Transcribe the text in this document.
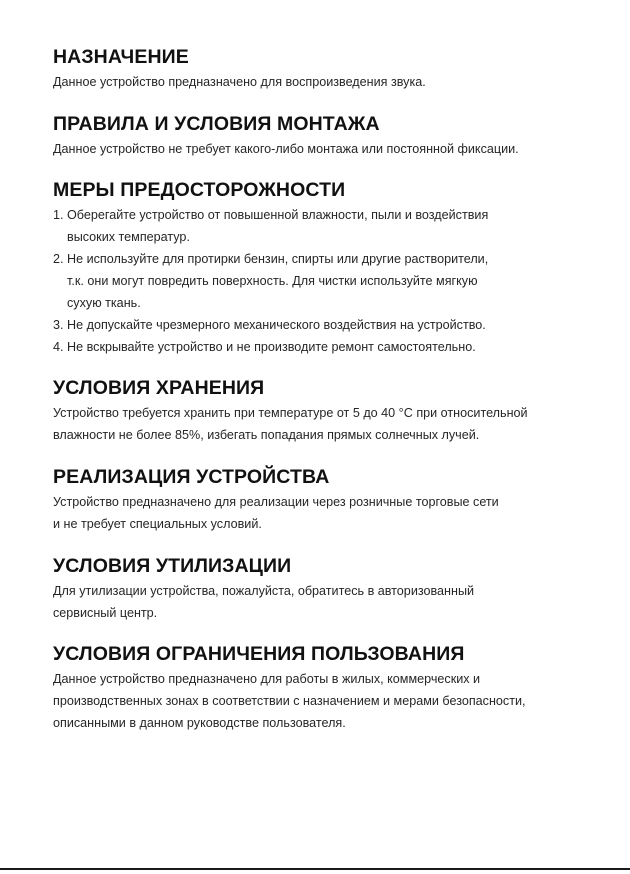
НАЗНАЧЕНИЕ

Данное устройство предназначено для воспроизведения звука.

ПРАВИЛА И УСЛОВИЯ МОНТАЖА

Данное устройство не требует какого-либо монтажа или постоянной фиксации.

МЕРЫ ПРЕДОСТОРОЖНОСТИ
1. Оберегайте устройство от повышенной влажности, пыли и воздействия
высоких температур.
2. Не используйте для протирки бензин, спирты или другие растворители,
т.к. они могут повредить поверхность. Для чистки используйте мягкую
сухую ткань.
3. Не допускайте чрезмерного механического воздействия на устройство.
4. Не вскрывайте устройство и не производите ремонт самостоятельно.
УСЛОВИЯ ХРАНЕНИЯ

Устройство требуется хранить при температуре от 5 до 40 °С при относительной
влажности не более 85%, избегать попадания прямых солнечных лучей.

РЕАЛИЗАЦИЯ УСТРОЙСТВА

Устройство предназначено для реализации через розничные торговые сети
и не требует специальных условий.

УСЛОВИЯ УТИЛИЗАЦИИ

Для утилизации устройства, пожалуйста, обратитесь в авторизованный
сервисный центр.

УСЛОВИЯ ОГРАНИЧЕНИЯ ПОЛЬЗОВАНИЯ

Данное устройство предназначено для работы в жилых, коммерческих и
производственных зонах в соответствии с назначением и мерами безопасности,
описанными в данном руководстве пользователя.
